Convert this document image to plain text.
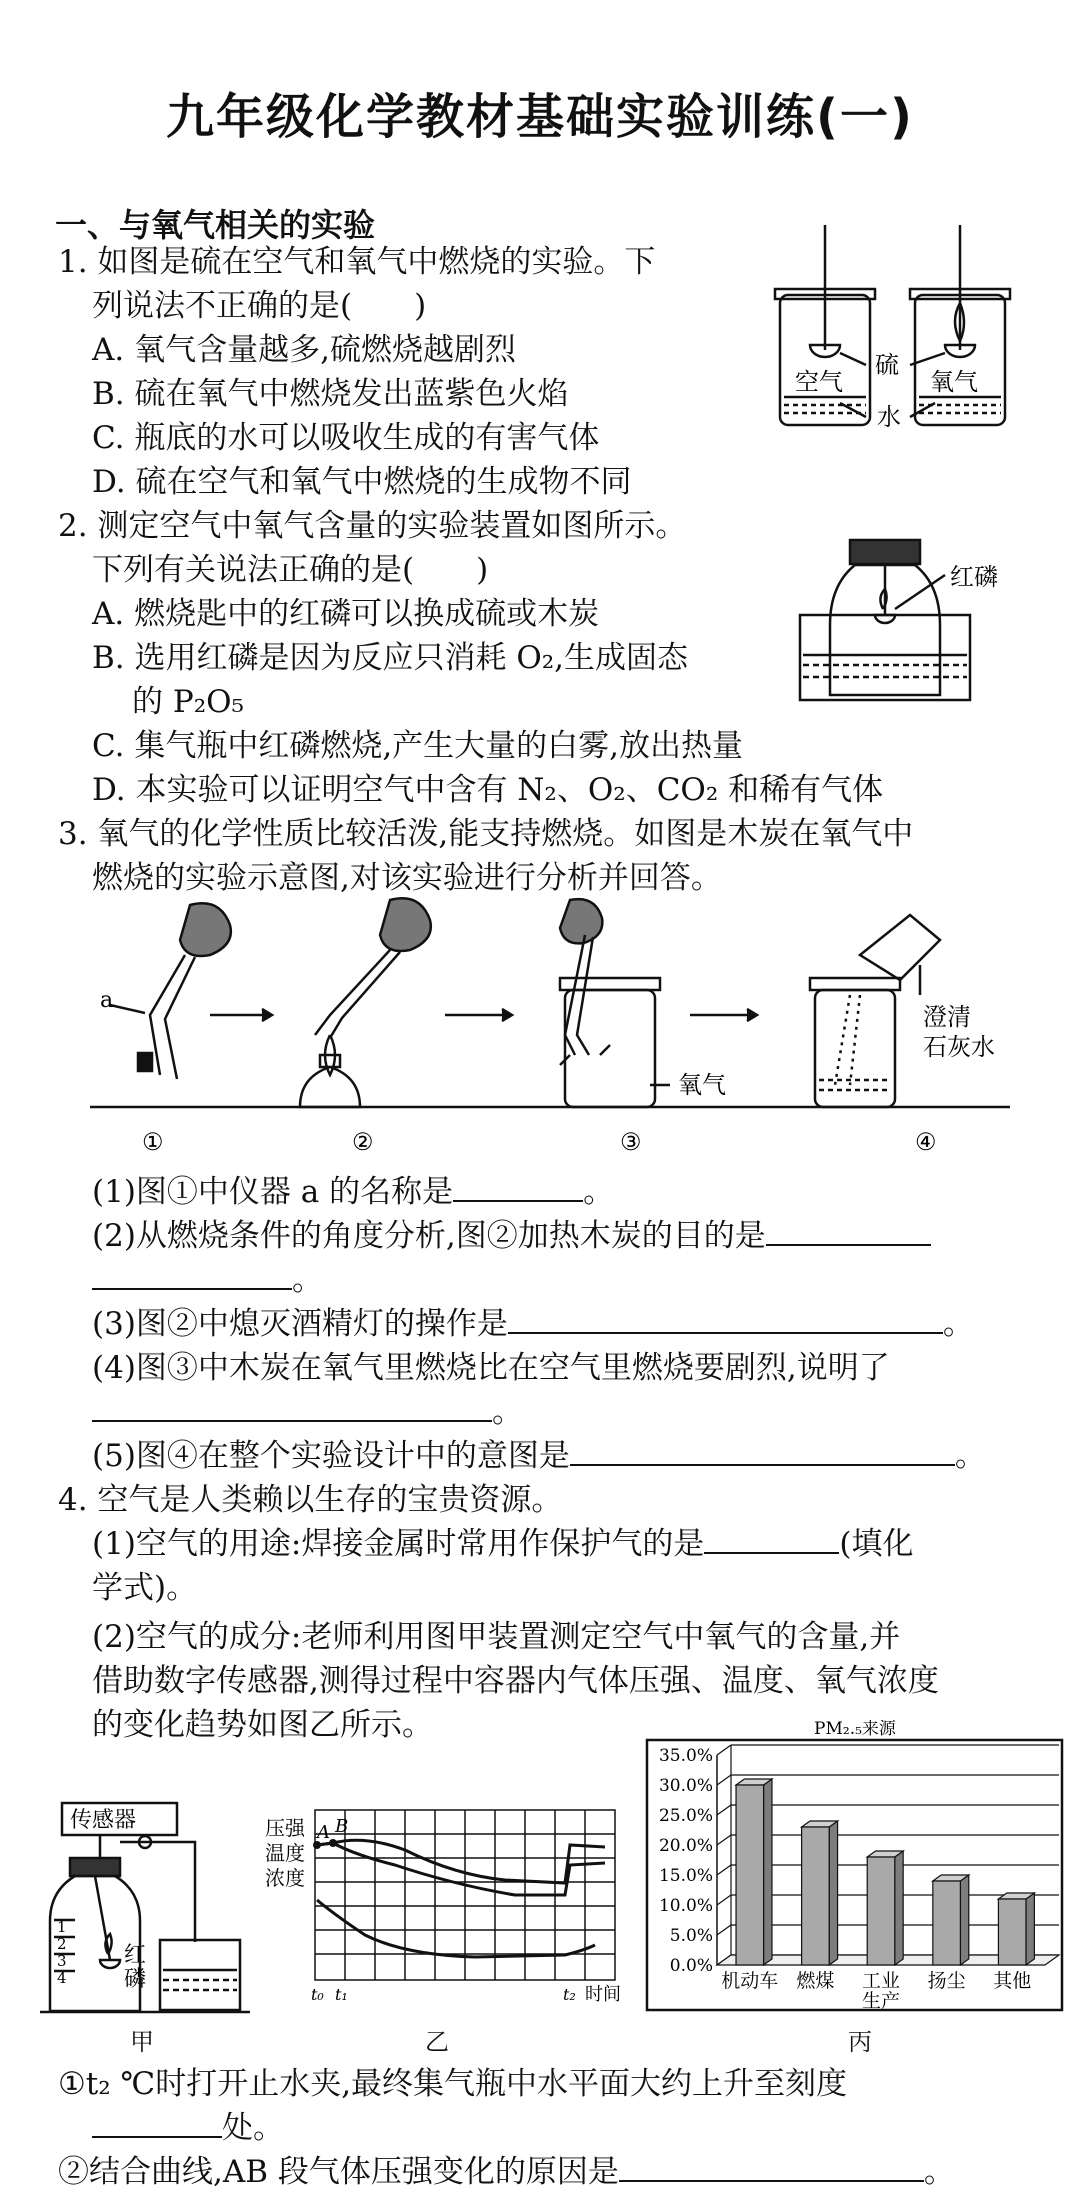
九年级化学教材基础实验训练(一)
一、与氧气相关的实验
1. 如图是硫在空气和氧气中燃烧的实验。下
列说法不正确的是(　　)
A. 氧气含量越多,硫燃烧越剧烈
B. 硫在氧气中燃烧发出蓝紫色火焰
C. 瓶底的水可以吸收生成的有害气体
D. 硫在空气和氧气中燃烧的生成物不同
空气	氧气
硫
水
2. 测定空气中氧气含量的实验装置如图所示。
下列有关说法正确的是(　　)
A. 燃烧匙中的红磷可以换成硫或木炭
B. 选用红磷是因为反应只消耗 O₂,生成固态
的 P₂O₅
C. 集气瓶中红磷燃烧,产生大量的白雾,放出热量
D. 本实验可以证明空气中含有 N₂、O₂、CO₂ 和稀有气体
红磷
3. 氧气的化学性质比较活泼,能支持燃烧。如图是木炭在氧气中
燃烧的实验示意图,对该实验进行分析并回答。
a
氧气
澄清
石灰水
①	②	③	④
(1)图①中仪器 a 的名称是	。
(2)从燃烧条件的角度分析,图②加热木炭的目的是
。
(3)图②中熄灭酒精灯的操作是	。
(4)图③中木炭在氧气里燃烧比在空气里燃烧要剧烈,说明了
。
(5)图④在整个实验设计中的意图是	。
4. 空气是人类赖以生存的宝贵资源。
(1)空气的用途:焊接金属时常用作保护气的是	(填化
学式)。
(2)空气的成分:老师利用图甲装置测定空气中氧气的含量,并
借助数字传感器,测得过程中容器内气体压强、温度、氧气浓度
的变化趋势如图乙所示。
传感器
红
磷
1
2
3
4
甲
压强
温度
浓度
A B
t₀ t₁	t₂ 时间
乙
PM₂.₅来源
0.0%
5.0%
10.0%
15.0%
20.0%
25.0%
30.0%
35.0%
机动车 燃煤 工业
生产
扬尘 其他
丙
①t₂ ℃时打开止水夹,最终集气瓶中水平面大约上升至刻度
处。
②结合曲线,AB 段气体压强变化的原因是	。
